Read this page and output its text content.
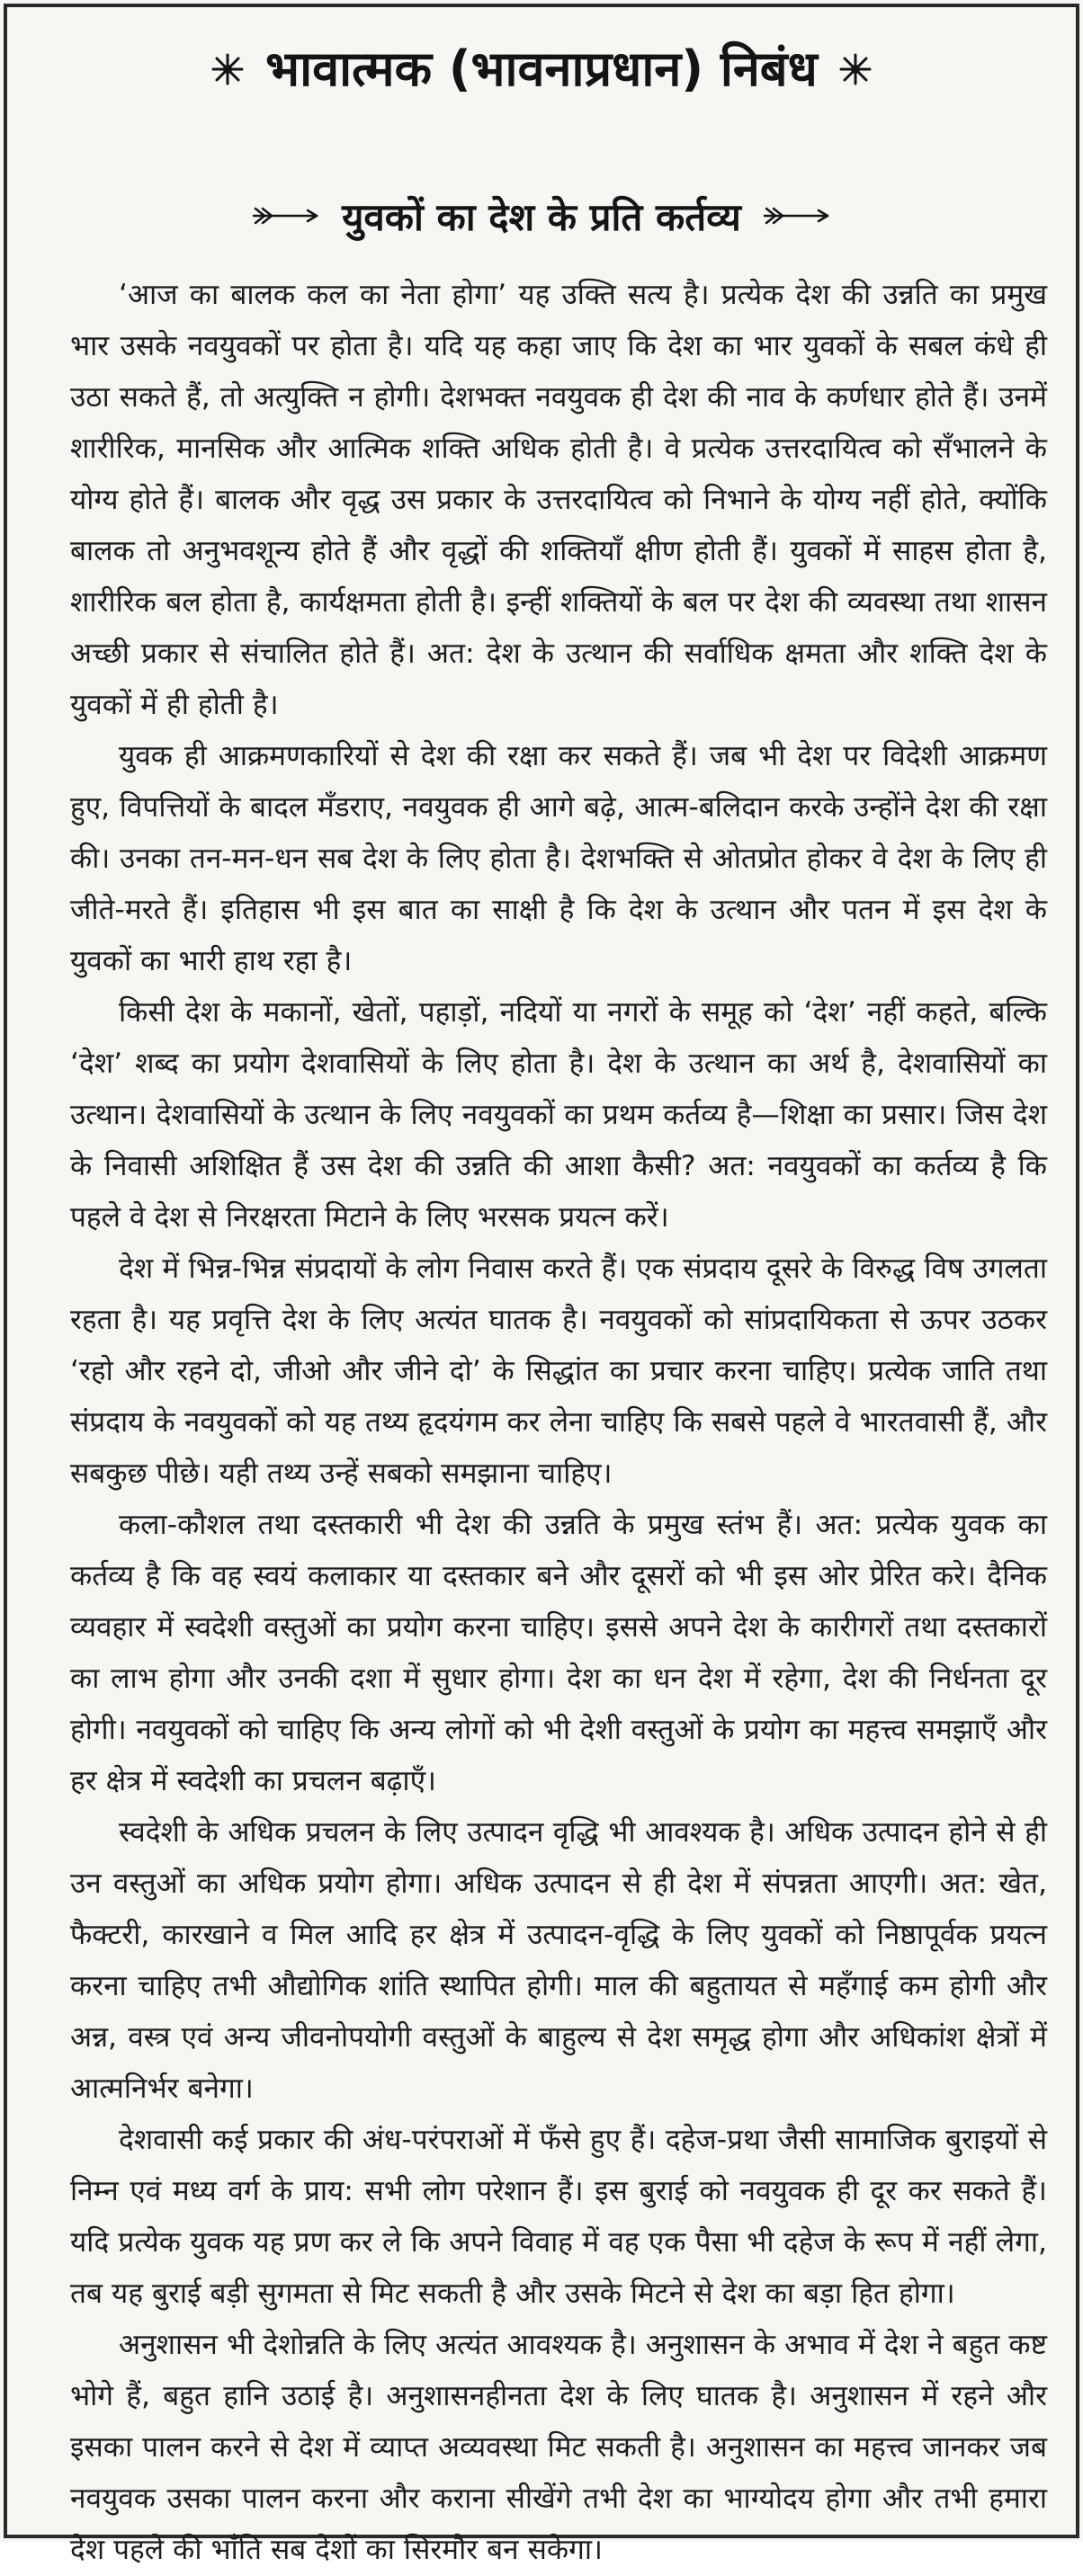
भावात्मक (भावनाप्रधान) निबंध
युवकों का देश के प्रति कर्तव्य

‘आज का बालक कल का नेता होगा’ यह उक्ति सत्य है। प्रत्येक देश की उन्नति का प्रमुख भार उसके नवयुवकों पर होता है। यदि यह कहा जाए कि देश का भार युवकों के सबल कंधे ही उठा सकते हैं, तो अत्युक्ति न होगी। देशभक्त नवयुवक ही देश की नाव के कर्णधार होते हैं। उनमें शारीरिक, मानसिक और आत्मिक शक्ति अधिक होती है। वे प्रत्येक उत्तरदायित्व को सँभालने के योग्य होते हैं। बालक और वृद्ध उस प्रकार के उत्तरदायित्व को निभाने के योग्य नहीं होते, क्योंकि बालक तो अनुभवशून्य होते हैं और वृद्धों की शक्तियाँ क्षीण होती हैं। युवकों में साहस होता है, शारीरिक बल होता है, कार्यक्षमता होती है। इन्हीं शक्तियों के बल पर देश की व्यवस्था तथा शासन अच्छी प्रकार से संचालित होते हैं। अत: देश के उत्थान की सर्वाधिक क्षमता और शक्ति देश के युवकों में ही होती है।

युवक ही आक्रमणकारियों से देश की रक्षा कर सकते हैं। जब भी देश पर विदेशी आक्रमण हुए, विपत्तियों के बादल मँडराए, नवयुवक ही आगे बढ़े, आत्म-बलिदान करके उन्होंने देश की रक्षा की। उनका तन-मन-धन सब देश के लिए होता है। देशभक्ति से ओतप्रोत होकर वे देश के लिए ही जीते-मरते हैं। इतिहास भी इस बात का साक्षी है कि देश के उत्थान और पतन में इस देश के युवकों का भारी हाथ रहा है।

किसी देश के मकानों, खेतों, पहाड़ों, नदियों या नगरों के समूह को ‘देश’ नहीं कहते, बल्कि ‘देश’ शब्द का प्रयोग देशवासियों के लिए होता है। देश के उत्थान का अर्थ है, देशवासियों का उत्थान। देशवासियों के उत्थान के लिए नवयुवकों का प्रथम कर्तव्य है—शिक्षा का प्रसार। जिस देश के निवासी अशिक्षित हैं उस देश की उन्नति की आशा कैसी? अत: नवयुवकों का कर्तव्य है कि पहले वे देश से निरक्षरता मिटाने के लिए भरसक प्रयत्न करें।

देश में भिन्न-भिन्न संप्रदायों के लोग निवास करते हैं। एक संप्रदाय दूसरे के विरुद्ध विष उगलता रहता है। यह प्रवृत्ति देश के लिए अत्यंत घातक है। नवयुवकों को सांप्रदायिकता से ऊपर उठकर ‘रहो और रहने दो, जीओ और जीने दो’ के सिद्धांत का प्रचार करना चाहिए। प्रत्येक जाति तथा संप्रदाय के नवयुवकों को यह तथ्य हृदयंगम कर लेना चाहिए कि सबसे पहले वे भारतवासी हैं, और सबकुछ पीछे। यही तथ्य उन्हें सबको समझाना चाहिए।

कला-कौशल तथा दस्तकारी भी देश की उन्नति के प्रमुख स्तंभ हैं। अत: प्रत्येक युवक का कर्तव्य है कि वह स्वयं कलाकार या दस्तकार बने और दूसरों को भी इस ओर प्रेरित करे। दैनिक व्यवहार में स्वदेशी वस्तुओं का प्रयोग करना चाहिए। इससे अपने देश के कारीगरों तथा दस्तकारों का लाभ होगा और उनकी दशा में सुधार होगा। देश का धन देश में रहेगा, देश की निर्धनता दूर होगी। नवयुवकों को चाहिए कि अन्य लोगों को भी देशी वस्तुओं के प्रयोग का महत्त्व समझाएँ और हर क्षेत्र में स्वदेशी का प्रचलन बढ़ाएँ।

स्वदेशी के अधिक प्रचलन के लिए उत्पादन वृद्धि भी आवश्यक है। अधिक उत्पादन होने से ही उन वस्तुओं का अधिक प्रयोग होगा। अधिक उत्पादन से ही देश में संपन्नता आएगी। अत: खेत, फैक्टरी, कारखाने व मिल आदि हर क्षेत्र में उत्पादन-वृद्धि के लिए युवकों को निष्ठापूर्वक प्रयत्न करना चाहिए तभी औद्योगिक शांति स्थापित होगी। माल की बहुतायत से महँगाई कम होगी और अन्न, वस्त्र एवं अन्य जीवनोपयोगी वस्तुओं के बाहुल्य से देश समृद्ध होगा और अधिकांश क्षेत्रों में आत्मनिर्भर बनेगा।

देशवासी कई प्रकार की अंध-परंपराओं में फँसे हुए हैं। दहेज-प्रथा जैसी सामाजिक बुराइयों से निम्न एवं मध्य वर्ग के प्राय: सभी लोग परेशान हैं। इस बुराई को नवयुवक ही दूर कर सकते हैं। यदि प्रत्येक युवक यह प्रण कर ले कि अपने विवाह में वह एक पैसा भी दहेज के रूप में नहीं लेगा, तब यह बुराई बड़ी सुगमता से मिट सकती है और उसके मिटने से देश का बड़ा हित होगा।

अनुशासन भी देशोन्नति के लिए अत्यंत आवश्यक है। अनुशासन के अभाव में देश ने बहुत कष्ट भोगे हैं, बहुत हानि उठाई है। अनुशासनहीनता देश के लिए घातक है। अनुशासन में रहने और इसका पालन करने से देश में व्याप्त अव्यवस्था मिट सकती है। अनुशासन का महत्त्व जानकर जब नवयुवक उसका पालन करना और कराना सीखेंगे तभी देश का भाग्योदय होगा और तभी हमारा देश पहले की भाँति सब देशों का सिरमौर बन सकेगा।
